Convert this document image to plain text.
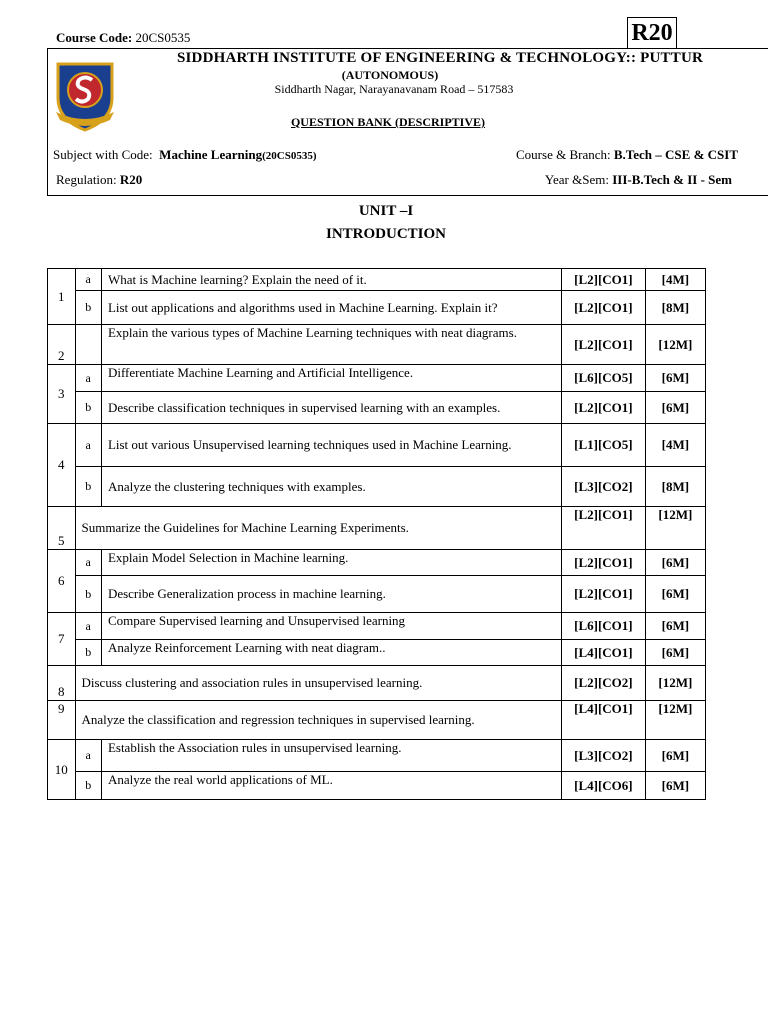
Course Code: 20CS0535	R20
SIDDHARTH INSTITUTE OF ENGINEERING & TECHNOLOGY:: PUTTUR
(AUTONOMOUS)
Siddharth Nagar, Narayanavanam Road – 517583
QUESTION BANK (DESCRIPTIVE)
Subject with Code: Machine Learning(20CS0535)	Course & Branch: B.Tech – CSE & CSIT
Regulation: R20	Year &Sem: III-B.Tech & II - Sem
UNIT –I
INTRODUCTION
1	a	What is Machine learning? Explain the need of it.	[L2][CO1]	[4M]
	b	List out applications and algorithms used in Machine Learning. Explain it?	[L2][CO1]	[8M]
2		Explain the various types of Machine Learning techniques with neat diagrams.	[L2][CO1]	[12M]
3	a	Differentiate Machine Learning and Artificial Intelligence.	[L6][CO5]	[6M]
	b	Describe classification techniques in supervised learning with an examples.	[L2][CO1]	[6M]
4	a	List out various Unsupervised learning techniques used in Machine Learning.	[L1][CO5]	[4M]
	b	Analyze the clustering techniques with examples.	[L3][CO2]	[8M]
5	Summarize the Guidelines for Machine Learning Experiments.		[L2][CO1]	[12M]
6	a	Explain Model Selection in Machine learning.	[L2][CO1]	[6M]
	b	Describe Generalization process in machine learning.	[L2][CO1]	[6M]
7	a	Compare Supervised learning and Unsupervised learning	[L6][CO1]	[6M]
	b	Analyze Reinforcement Learning with neat diagram..	[L4][CO1]	[6M]
8	Discuss clustering and association rules in unsupervised learning.		[L2][CO2]	[12M]
9	Analyze the classification and regression techniques in supervised learning.		[L4][CO1]	[12M]
10	a	Establish the Association rules in unsupervised learning.	[L3][CO2]	[6M]
	b	Analyze the real world applications of ML.	[L4][CO6]	[6M]
